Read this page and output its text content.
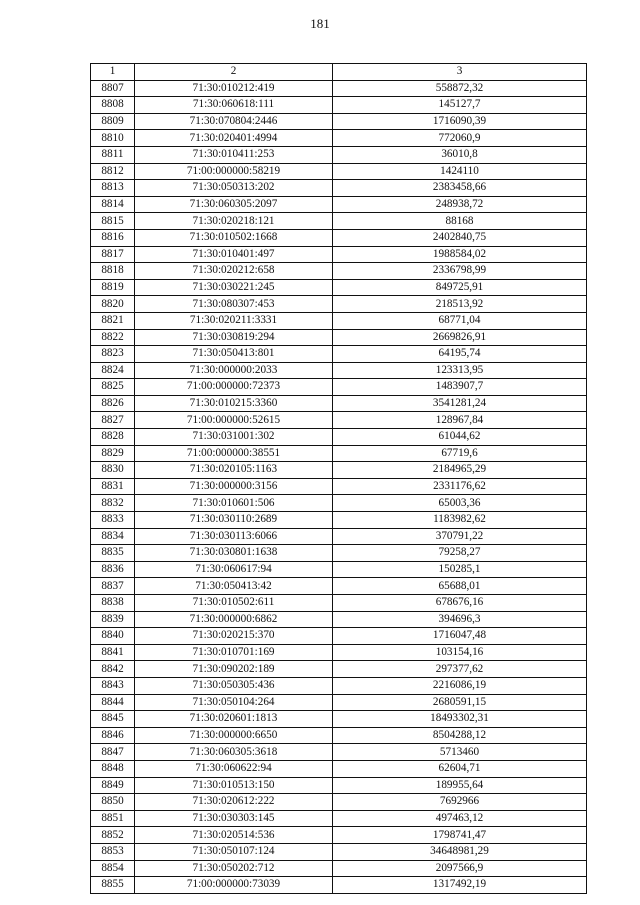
181
1	2	3
8807	71:30:010212:419	558872,32
8808	71:30:060618:111	145127,7
8809	71:30:070804:2446	1716090,39
8810	71:30:020401:4994	772060,9
8811	71:30:010411:253	36010,8
8812	71:00:000000:58219	1424110
8813	71:30:050313:202	2383458,66
8814	71:30:060305:2097	248938,72
8815	71:30:020218:121	88168
8816	71:30:010502:1668	2402840,75
8817	71:30:010401:497	1988584,02
8818	71:30:020212:658	2336798,99
8819	71:30:030221:245	849725,91
8820	71:30:080307:453	218513,92
8821	71:30:020211:3331	68771,04
8822	71:30:030819:294	2669826,91
8823	71:30:050413:801	64195,74
8824	71:30:000000:2033	123313,95
8825	71:00:000000:72373	1483907,7
8826	71:30:010215:3360	3541281,24
8827	71:00:000000:52615	128967,84
8828	71:30:031001:302	61044,62
8829	71:00:000000:38551	67719,6
8830	71:30:020105:1163	2184965,29
8831	71:30:000000:3156	2331176,62
8832	71:30:010601:506	65003,36
8833	71:30:030110:2689	1183982,62
8834	71:30:030113:6066	370791,22
8835	71:30:030801:1638	79258,27
8836	71:30:060617:94	150285,1
8837	71:30:050413:42	65688,01
8838	71:30:010502:611	678676,16
8839	71:30:000000:6862	394696,3
8840	71:30:020215:370	1716047,48
8841	71:30:010701:169	103154,16
8842	71:30:090202:189	297377,62
8843	71:30:050305:436	2216086,19
8844	71:30:050104:264	2680591,15
8845	71:30:020601:1813	18493302,31
8846	71:30:000000:6650	8504288,12
8847	71:30:060305:3618	5713460
8848	71:30:060622:94	62604,71
8849	71:30:010513:150	189955,64
8850	71:30:020612:222	7692966
8851	71:30:030303:145	497463,12
8852	71:30:020514:536	1798741,47
8853	71:30:050107:124	34648981,29
8854	71:30:050202:712	2097566,9
8855	71:00:000000:73039	1317492,19
